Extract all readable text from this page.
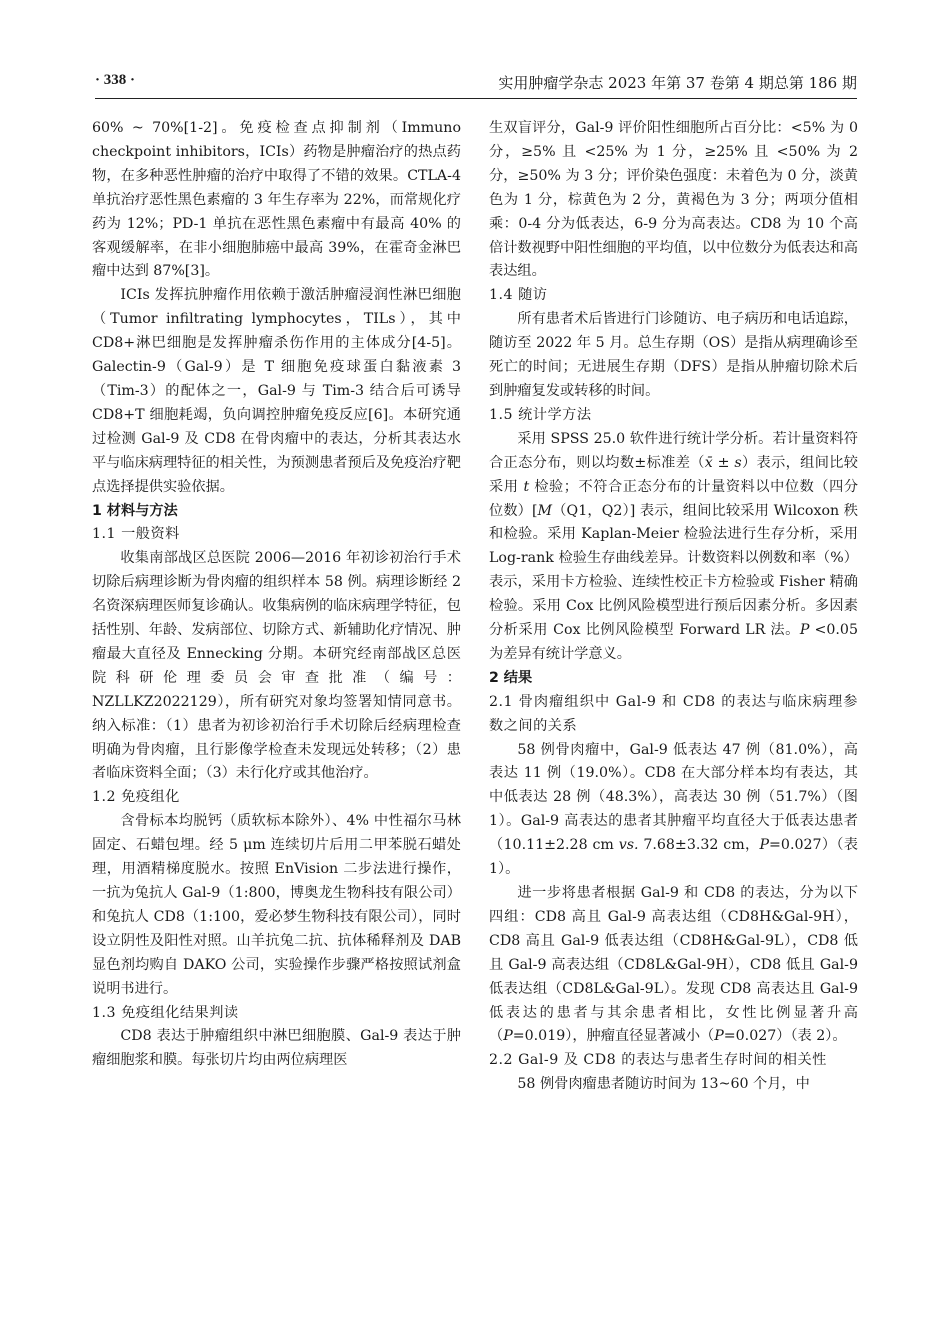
· 338 ·	实用肿瘤学杂志 2023 年第 37 卷第 4 期总第 186 期

60% ~ 70%[1-2]。免疫检查点抑制剂（Immuno checkpoint inhibitors，ICIs）药物是肿瘤治疗的热点药物，在多种恶性肿瘤的治疗中取得了不错的效果。CTLA-4 单抗治疗恶性黑色素瘤的 3 年生存率为 22%，而常规化疗药为 12%；PD-1 单抗在恶性黑色素瘤中有最高 40% 的客观缓解率，在非小细胞肺癌中最高 39%，在霍奇金淋巴瘤中达到 87%[3]。

ICIs 发挥抗肿瘤作用依赖于激活肿瘤浸润性淋巴细胞（Tumor infiltrating lymphocytes，TILs），其中 CD8+淋巴细胞是发挥肿瘤杀伤作用的主体成分[4-5]。Galectin-9（Gal-9）是 T 细胞免疫球蛋白黏液素 3（Tim-3）的配体之一，Gal-9 与 Tim-3 结合后可诱导 CD8+T 细胞耗竭，负向调控肿瘤免疫反应[6]。本研究通过检测 Gal-9 及 CD8 在骨肉瘤中的表达，分析其表达水平与临床病理特征的相关性，为预测患者预后及免疫治疗靶点选择提供实验依据。

1 材料与方法
1.1 一般资料

收集南部战区总医院 2006—2016 年初诊初治行手术切除后病理诊断为骨肉瘤的组织样本 58 例。病理诊断经 2 名资深病理医师复诊确认。收集病例的临床病理学特征，包括性别、年龄、发病部位、切除方式、新辅助化疗情况、肿瘤最大直径及 Ennecking 分期。本研究经南部战区总医院科研伦理委员会审查批准（编号：NZLLKZ2022129），所有研究对象均签署知情同意书。纳入标准：（1）患者为初诊初治行手术切除后经病理检查明确为骨肉瘤，且行影像学检查未发现远处转移；（2）患者临床资料全面；（3）未行化疗或其他治疗。

1.2 免疫组化

含骨标本均脱钙（质软标本除外）、4% 中性福尔马林固定、石蜡包埋。经 5 μm 连续切片后用二甲苯脱石蜡处理，用酒精梯度脱水。按照 EnVision 二步法进行操作，一抗为兔抗人 Gal-9（1:800，博奥龙生物科技有限公司）和兔抗人 CD8（1:100，爱必梦生物科技有限公司），同时设立阴性及阳性对照。山羊抗兔二抗、抗体稀释剂及 DAB 显色剂均购自 DAKO 公司，实验操作步骤严格按照试剂盒说明书进行。

1.3 免疫组化结果判读

CD8 表达于肿瘤组织中淋巴细胞膜、Gal-9 表达于肿瘤细胞浆和膜。每张切片均由两位病理医

生双盲评分，Gal-9 评价阳性细胞所占百分比：<5% 为 0 分，≥5% 且 <25% 为 1 分，≥25% 且 <50% 为 2 分，≥50% 为 3 分；评价染色强度：未着色为 0 分，淡黄色为 1 分，棕黄色为 2 分，黄褐色为 3 分；两项分值相乘：0-4 分为低表达，6-9 分为高表达。CD8 为 10 个高倍计数视野中阳性细胞的平均值，以中位数分为低表达和高表达组。

1.4 随访

所有患者术后皆进行门诊随访、电子病历和电话追踪，随访至 2022 年 5 月。总生存期（OS）是指从病理确诊至死亡的时间；无进展生存期（DFS）是指从肿瘤切除术后到肿瘤复发或转移的时间。

1.5 统计学方法

采用 SPSS 25.0 软件进行统计学分析。若计量资料符合正态分布，则以均数±标准差（x̄ ± s）表示，组间比较采用 t 检验；不符合正态分布的计量资料以中位数（四分位数）[M（Q1，Q2）] 表示，组间比较采用 Wilcoxon 秩和检验。采用 Kaplan-Meier 检验法进行生存分析，采用 Log-rank 检验生存曲线差异。计数资料以例数和率（%）表示，采用卡方检验、连续性校正卡方检验或 Fisher 精确检验。采用 Cox 比例风险模型进行预后因素分析。多因素分析采用 Cox 比例风险模型 Forward LR 法。P <0.05为差异有统计学意义。

2 结果
2.1 骨肉瘤组织中 Gal-9 和 CD8 的表达与临床病理参数之间的关系

58 例骨肉瘤中，Gal-9 低表达 47 例（81.0%），高表达 11 例（19.0%）。CD8 在大部分样本均有表达，其中低表达 28 例（48.3%），高表达 30 例（51.7%）（图 1）。Gal-9 高表达的患者其肿瘤平均直径大于低表达患者（10.11±2.28 cm vs. 7.68±3.32 cm，P=0.027）（表 1）。

进一步将患者根据 Gal-9 和 CD8 的表达，分为以下四组：CD8 高且 Gal-9 高表达组（CD8H&Gal-9H），CD8 高且 Gal-9 低表达组（CD8H&Gal-9L），CD8 低且 Gal-9 高表达组（CD8L&Gal-9H），CD8 低且 Gal-9 低表达组（CD8L&Gal-9L）。发现 CD8 高表达且 Gal-9 低表达的患者与其余患者相比，女性比例显著升高（P=0.019），肿瘤直径显著减小（P=0.027）（表 2）。

2.2 Gal-9 及 CD8 的表达与患者生存时间的相关性

58 例骨肉瘤患者随访时间为 13~60 个月，中
